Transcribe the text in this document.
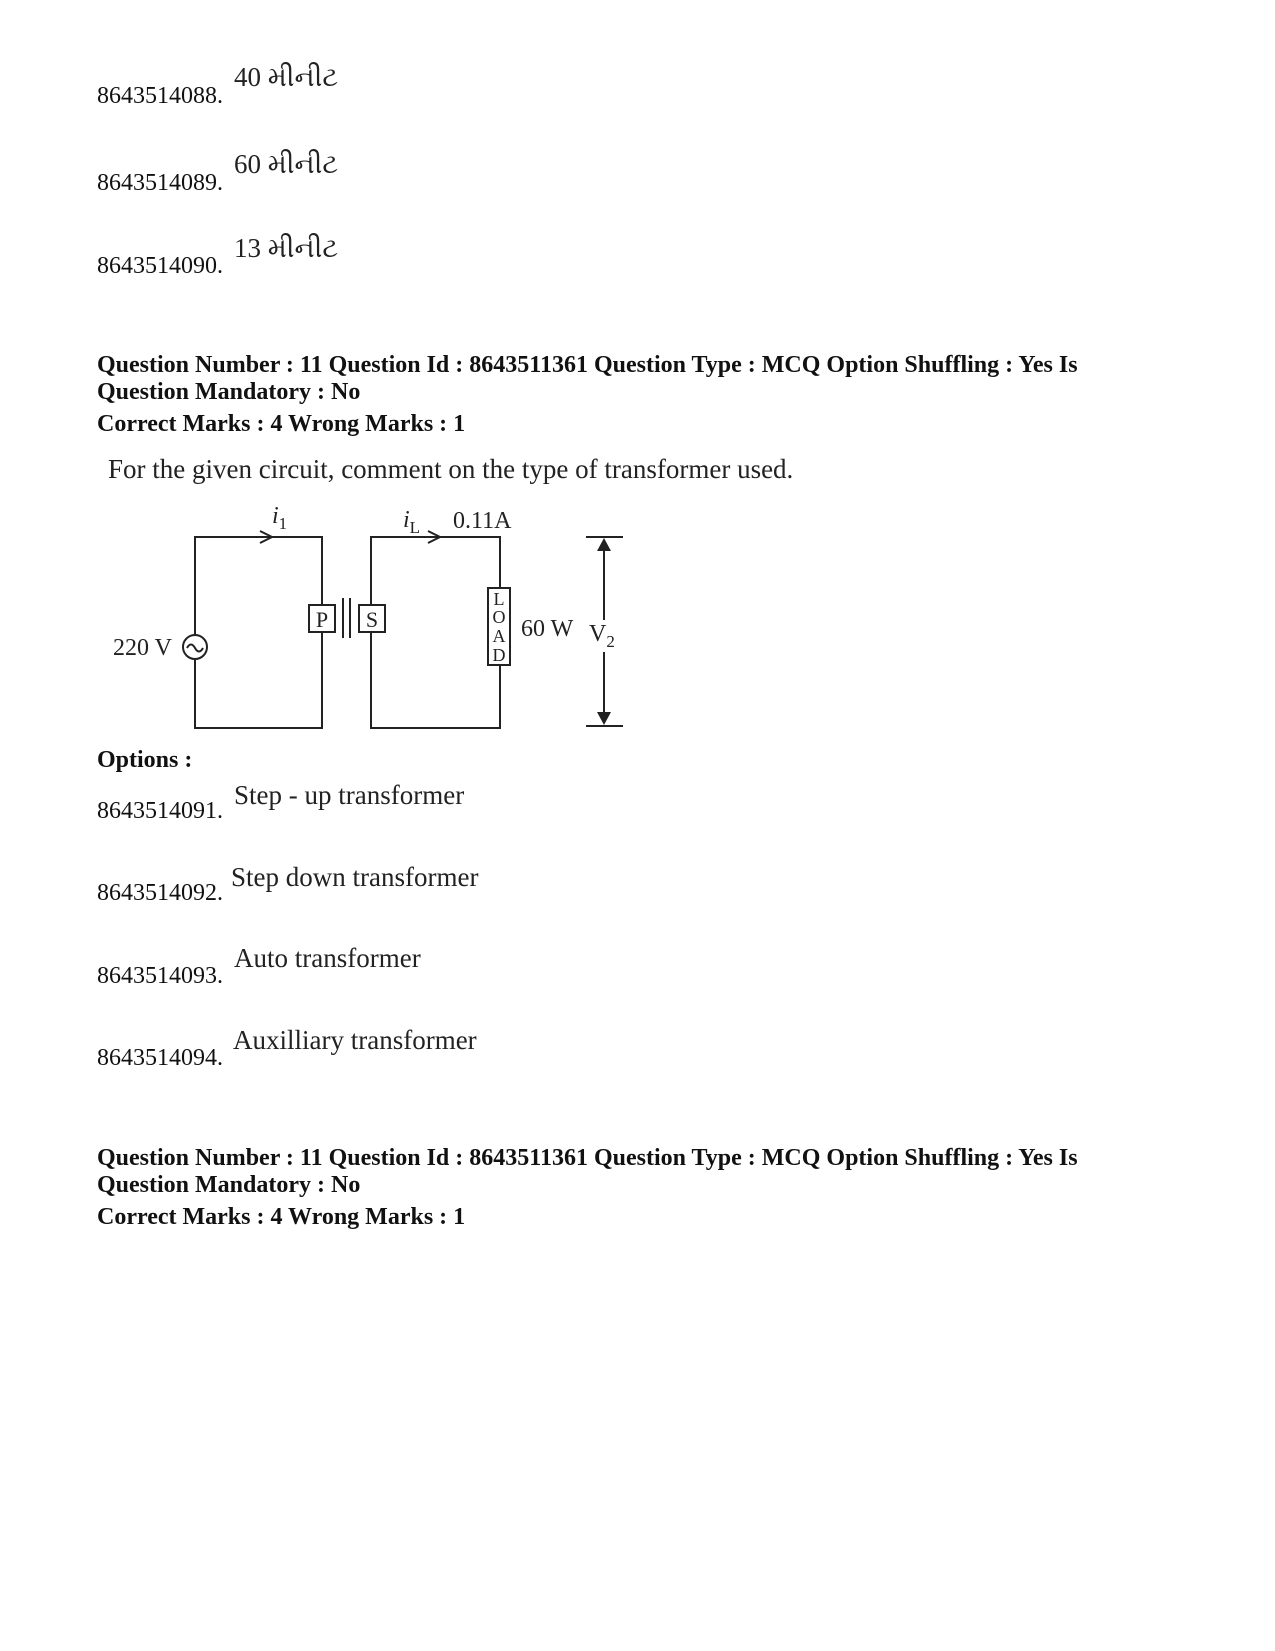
8643514088.
40 મીનીટ
8643514089.
60 મીનીટ
8643514090.
13 મીનીટ
Question Number : 11 Question Id : 8643511361 Question Type : MCQ Option Shuffling : Yes Is
Question Mandatory : No
Correct Marks : 4 Wrong Marks : 1
For the given circuit, comment on the type of transformer used.
$i_1$	$i_L$ 0.11A
220 V
P S
L
O
A
D
60 W $V_2$
Options :
8643514091.
Step - up transformer
8643514092.
Step down transformer
8643514093.
Auto transformer
8643514094.
Auxilliary transformer
Question Number : 11 Question Id : 8643511361 Question Type : MCQ Option Shuffling : Yes Is
Question Mandatory : No
Correct Marks : 4 Wrong Marks : 1
